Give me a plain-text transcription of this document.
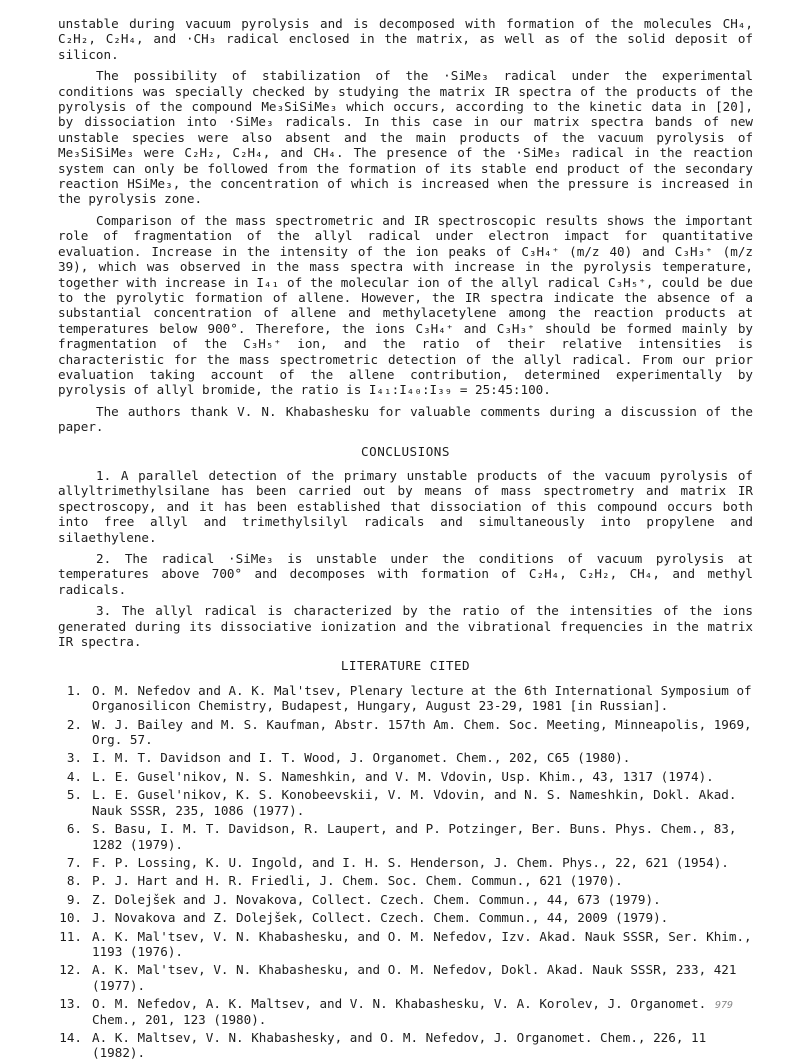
unstable during vacuum pyrolysis and is decomposed with formation of the molecules CH₄, C₂H₂, C₂H₄, and ·CH₃ radical enclosed in the matrix, as well as of the solid deposit of silicon.

The possibility of stabilization of the ·SiMe₃ radical under the experimental conditions was specially checked by studying the matrix IR spectra of the products of the pyrolysis of the compound Me₃SiSiMe₃ which occurs, according to the kinetic data in [20], by dissociation into ·SiMe₃ radicals. In this case in our matrix spectra bands of new unstable species were also absent and the main products of the vacuum pyrolysis of Me₃SiSiMe₃ were C₂H₂, C₂H₄, and CH₄. The presence of the ·SiMe₃ radical in the reaction system can only be followed from the formation of its stable end product of the secondary reaction HSiMe₃, the concentration of which is increased when the pressure is increased in the pyrolysis zone.

Comparison of the mass spectrometric and IR spectroscopic results shows the important role of fragmentation of the allyl radical under electron impact for quantitative evaluation. Increase in the intensity of the ion peaks of C₃H₄⁺ (m/z 40) and C₃H₃⁺ (m/z 39), which was observed in the mass spectra with increase in the pyrolysis temperature, together with increase in I₄₁ of the molecular ion of the allyl radical C₃H₅⁺, could be due to the pyrolytic formation of allene. However, the IR spectra indicate the absence of a substantial concentration of allene and methylacetylene among the reaction products at temperatures below 900°. Therefore, the ions C₃H₄⁺ and C₃H₃⁺ should be formed mainly by fragmentation of the C₃H₅⁺ ion, and the ratio of their relative intensities is characteristic for the mass spectrometric detection of the allyl radical. From our prior evaluation taking account of the allene contribution, determined experimentally by pyrolysis of allyl bromide, the ratio is I₄₁:I₄₀:I₃₉ = 25:45:100.

The authors thank V. N. Khabashesku for valuable comments during a discussion of the paper.

CONCLUSIONS

1. A parallel detection of the primary unstable products of the vacuum pyrolysis of allyltrimethylsilane has been carried out by means of mass spectrometry and matrix IR spectroscopy, and it has been established that dissociation of this compound occurs both into free allyl and trimethylsilyl radicals and simultaneously into propylene and silaethylene.

2. The radical ·SiMe₃ is unstable under the conditions of vacuum pyrolysis at temperatures above 700° and decomposes with formation of C₂H₄, C₂H₂, CH₄, and methyl radicals.

3. The allyl radical is characterized by the ratio of the intensities of the ions generated during its dissociative ionization and the vibrational frequencies in the matrix IR spectra.

LITERATURE CITED
1. O. M. Nefedov and A. K. Mal'tsev, Plenary lecture at the 6th International Symposium of Organosilicon Chemistry, Budapest, Hungary, August 23-29, 1981 [in Russian].
2. W. J. Bailey and M. S. Kaufman, Abstr. 157th Am. Chem. Soc. Meeting, Minneapolis, 1969, Org. 57.
3. I. M. T. Davidson and I. T. Wood, J. Organomet. Chem., 202, C65 (1980).
4. L. E. Gusel'nikov, N. S. Nameshkin, and V. M. Vdovin, Usp. Khim., 43, 1317 (1974).
5. L. E. Gusel'nikov, K. S. Konobeevskii, V. M. Vdovin, and N. S. Nameshkin, Dokl. Akad. Nauk SSSR, 235, 1086 (1977).
6. S. Basu, I. M. T. Davidson, R. Laupert, and P. Potzinger, Ber. Buns. Phys. Chem., 83, 1282 (1979).
7. F. P. Lossing, K. U. Ingold, and I. H. S. Henderson, J. Chem. Phys., 22, 621 (1954).
8. P. J. Hart and H. R. Friedli, J. Chem. Soc. Chem. Commun., 621 (1970).
9. Z. Dolejšek and J. Novakova, Collect. Czech. Chem. Commun., 44, 673 (1979).
10. J. Novakova and Z. Dolejšek, Collect. Czech. Chem. Commun., 44, 2009 (1979).
11. A. K. Mal'tsev, V. N. Khabashesku, and O. M. Nefedov, Izv. Akad. Nauk SSSR, Ser. Khim., 1193 (1976).
12. A. K. Mal'tsev, V. N. Khabashesku, and O. M. Nefedov, Dokl. Akad. Nauk SSSR, 233, 421 (1977).
13. O. M. Nefedov, A. K. Maltsev, and V. N. Khabashesku, V. A. Korolev, J. Organomet. Chem., 201, 123 (1980).
14. A. K. Maltsev, V. N. Khabashesky, and O. M. Nefedov, J. Organomet. Chem., 226, 11 (1982).
979
